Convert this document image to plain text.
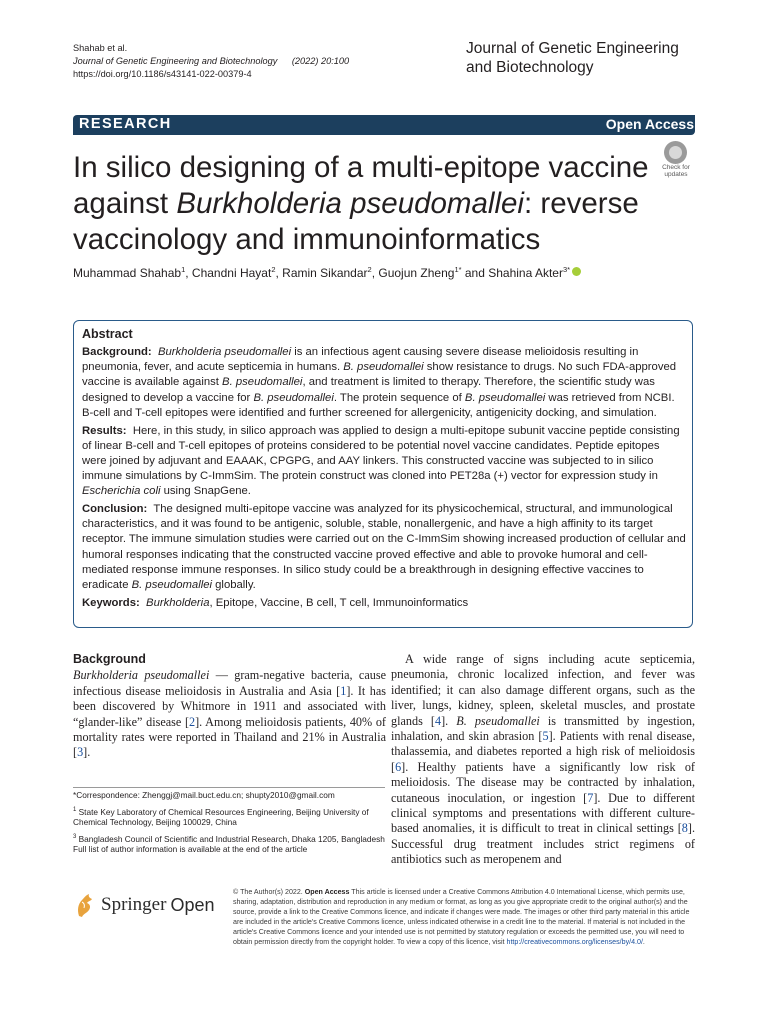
Shahab et al.
Journal of Genetic Engineering and Biotechnology (2022) 20:100
https://doi.org/10.1186/s43141-022-00379-4
Journal of Genetic Engineering and Biotechnology
RESEARCH	Open Access
In silico designing of a multi-epitope vaccine against Burkholderia pseudomallei: reverse vaccinology and immunoinformatics
Check for updates
Muhammad Shahab$^1$, Chandni Hayat$^2$, Ramin Sikandar$^2$, Guojun Zheng$^{1*}$ and Shahina Akter$^{3*}$
Abstract

Background: Burkholderia pseudomallei is an infectious agent causing severe disease melioidosis resulting in pneumonia, fever, and acute septicemia in humans. B. pseudomallei show resistance to drugs. No such FDA-approved vaccine is available against B. pseudomallei, and treatment is limited to therapy. Therefore, the scientific study was designed to develop a vaccine for B. pseudomallei. The protein sequence of B. pseudomallei was retrieved from NCBI. B-cell and T-cell epitopes were identified and further screened for allergenicity, antigenicity docking, and simulation.

Results: Here, in this study, in silico approach was applied to design a multi-epitope subunit vaccine peptide consisting of linear B-cell and T-cell epitopes of proteins considered to be potential novel vaccine candidates. Peptide epitopes were joined by adjuvant and EAAAK, CPGPG, and AAY linkers. This constructed vaccine was subjected to in silico immune simulations by C-ImmSim. The protein construct was cloned into PET28a (+) vector for expression study in Escherichia coli using SnapGene.

Conclusion: The designed multi-epitope vaccine was analyzed for its physicochemical, structural, and immunological characteristics, and it was found to be antigenic, soluble, stable, nonallergenic, and have a high affinity to its target receptor. The immune simulation studies were carried out on the C-ImmSim showing increased production of cellular and humoral responses indicating that the constructed vaccine proved effective and able to provoke humoral and cell-mediated response immune responses. In silico study could be a breakthrough in designing effective vaccines to eradicate B. pseudomallei globally.

Keywords: Burkholderia, Epitope, Vaccine, B cell, T cell, Immunoinformatics

Background

Burkholderia pseudomallei — gram-negative bacteria, cause infectious disease melioidosis in Australia and Asia [1]. It has been discovered by Whitmore in 1911 and associated with “glander-like” disease [2]. Among melioidosis patients, 40% of mortality rates were reported in Thailand and 21% in Australia [3].

A wide range of signs including acute septicemia, pneumonia, chronic localized infection, and fever was identified; it can also damage different organs, such as the liver, lungs, kidney, spleen, skeletal muscles, and prostate glands [4]. B. pseudomallei is transmitted by ingestion, inhalation, and skin abrasion [5]. Patients with renal disease, thalassemia, and diabetes reported a high risk of melioidosis [6]. Healthy patients have a significantly low risk of melioidosis. The disease may be contracted by inhalation, cutaneous inoculation, or ingestion [7]. Due to different clinical symptoms and presentations with different culture-based anomalies, it is difficult to treat in clinical settings [8]. Successful drug treatment includes strict regimens of antibiotics such as meropenem and

*Correspondence: Zhenggj@mail.buct.edu.cn; shupty2010@gmail.com

$^1$ State Key Laboratory of Chemical Resources Engineering, Beijing University of Chemical Technology, Beijing 100029, China

$^3$ Bangladesh Council of Scientific and Industrial Research, Dhaka 1205, Bangladesh

Full list of author information is available at the end of the article

Springer Open
© The Author(s) 2022. Open Access This article is licensed under a Creative Commons Attribution 4.0 International License, which permits use, sharing, adaptation, distribution and reproduction in any medium or format, as long as you give appropriate credit to the original author(s) and the source, provide a link to the Creative Commons licence, and indicate if changes were made. The images or other third party material in this article are included in the article's Creative Commons licence, unless indicated otherwise in a credit line to the material. If material is not included in the article's Creative Commons licence and your intended use is not permitted by statutory regulation or exceeds the permitted use, you will need to obtain permission directly from the copyright holder. To view a copy of this licence, visit http://creativecommons.org/licenses/by/4.0/.
